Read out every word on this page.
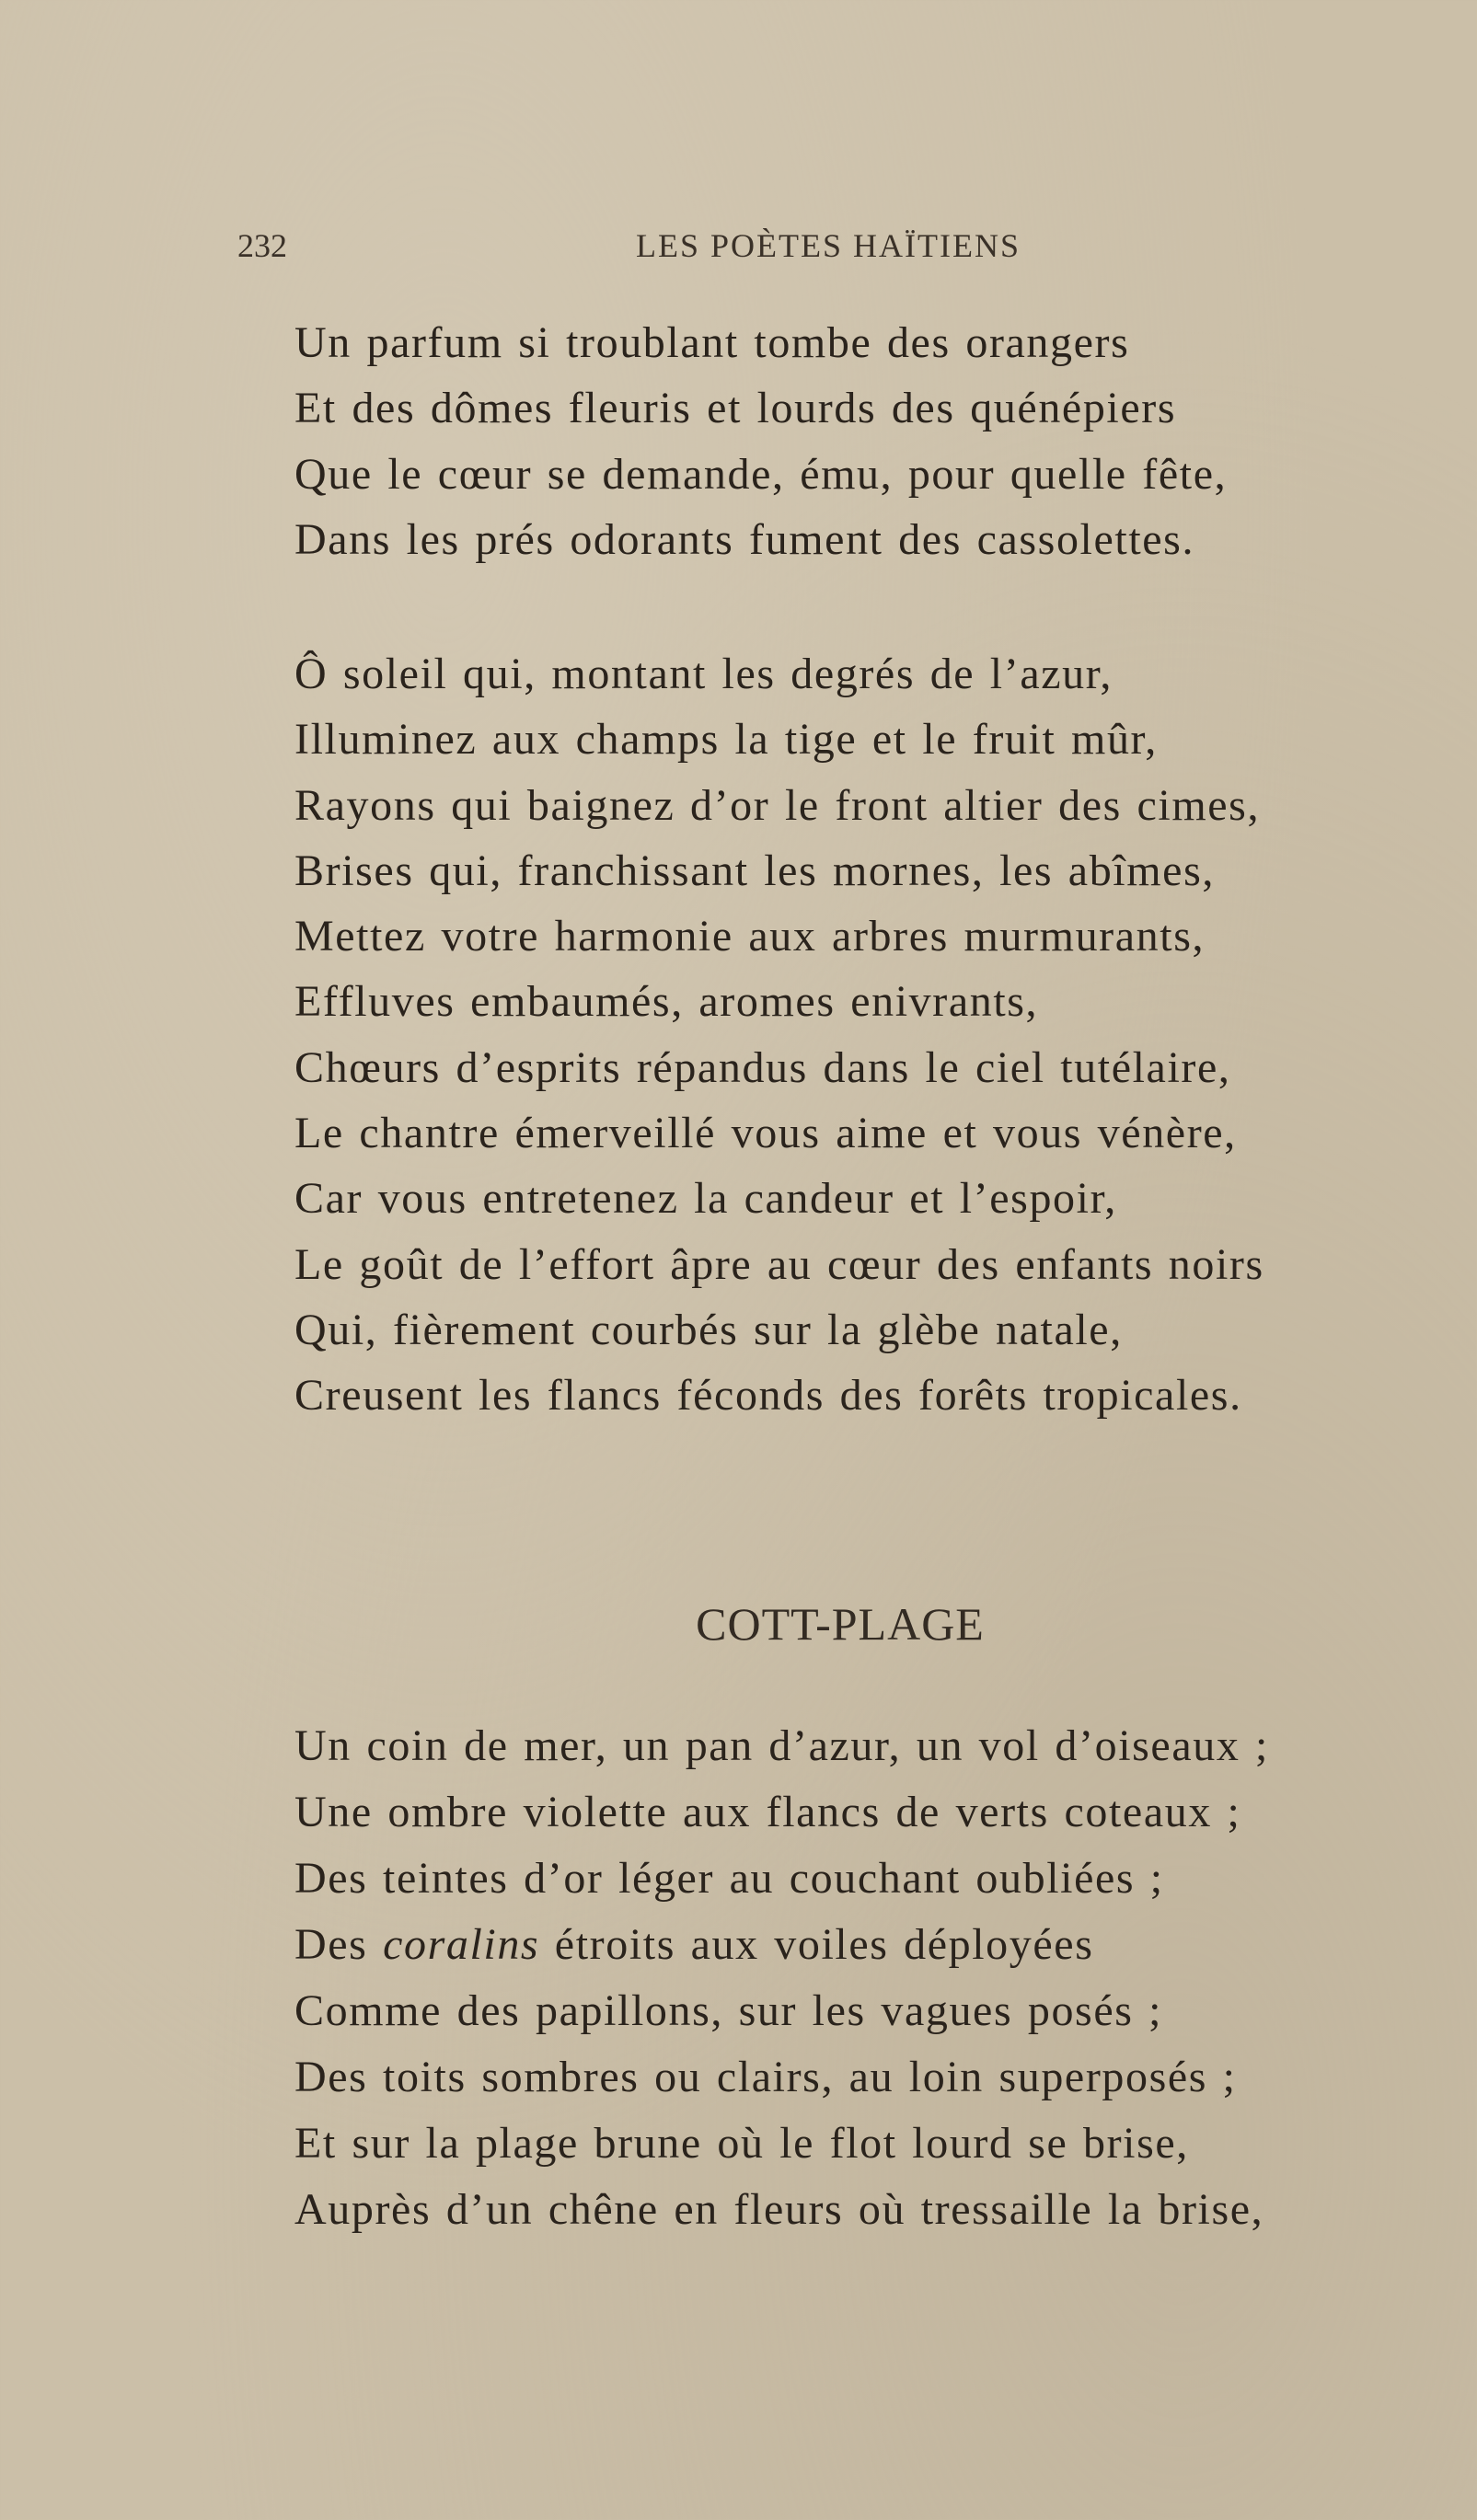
232	LES POÈTES HAÏTIENS
Un parfum si troublant tombe des orangers
Et des dômes fleuris et lourds des quénépiers
Que le cœur se demande, ému, pour quelle fête,
Dans les prés odorants fument des cassolettes.
Ô soleil qui, montant les degrés de l’azur,
Illuminez aux champs la tige et le fruit mûr,
Rayons qui baignez d’or le front altier des cimes,
Brises qui, franchissant les mornes, les abîmes,
Mettez votre harmonie aux arbres murmurants,
Effluves embaumés, aromes enivrants,
Chœurs d’esprits répandus dans le ciel tutélaire,
Le chantre émerveillé vous aime et vous vénère,
Car vous entretenez la candeur et l’espoir,
Le goût de l’effort âpre au cœur des enfants noirs
Qui, fièrement courbés sur la glèbe natale,
Creusent les flancs féconds des forêts tropicales.
COTT-PLAGE
Un coin de mer, un pan d’azur, un vol d’oiseaux ;
Une ombre violette aux flancs de verts coteaux ;
Des teintes d’or léger au couchant oubliées ;
Des coralins étroits aux voiles déployées
Comme des papillons, sur les vagues posés ;
Des toits sombres ou clairs, au loin superposés ;
Et sur la plage brune où le flot lourd se brise,
Auprès d’un chêne en fleurs où tressaille la brise,
